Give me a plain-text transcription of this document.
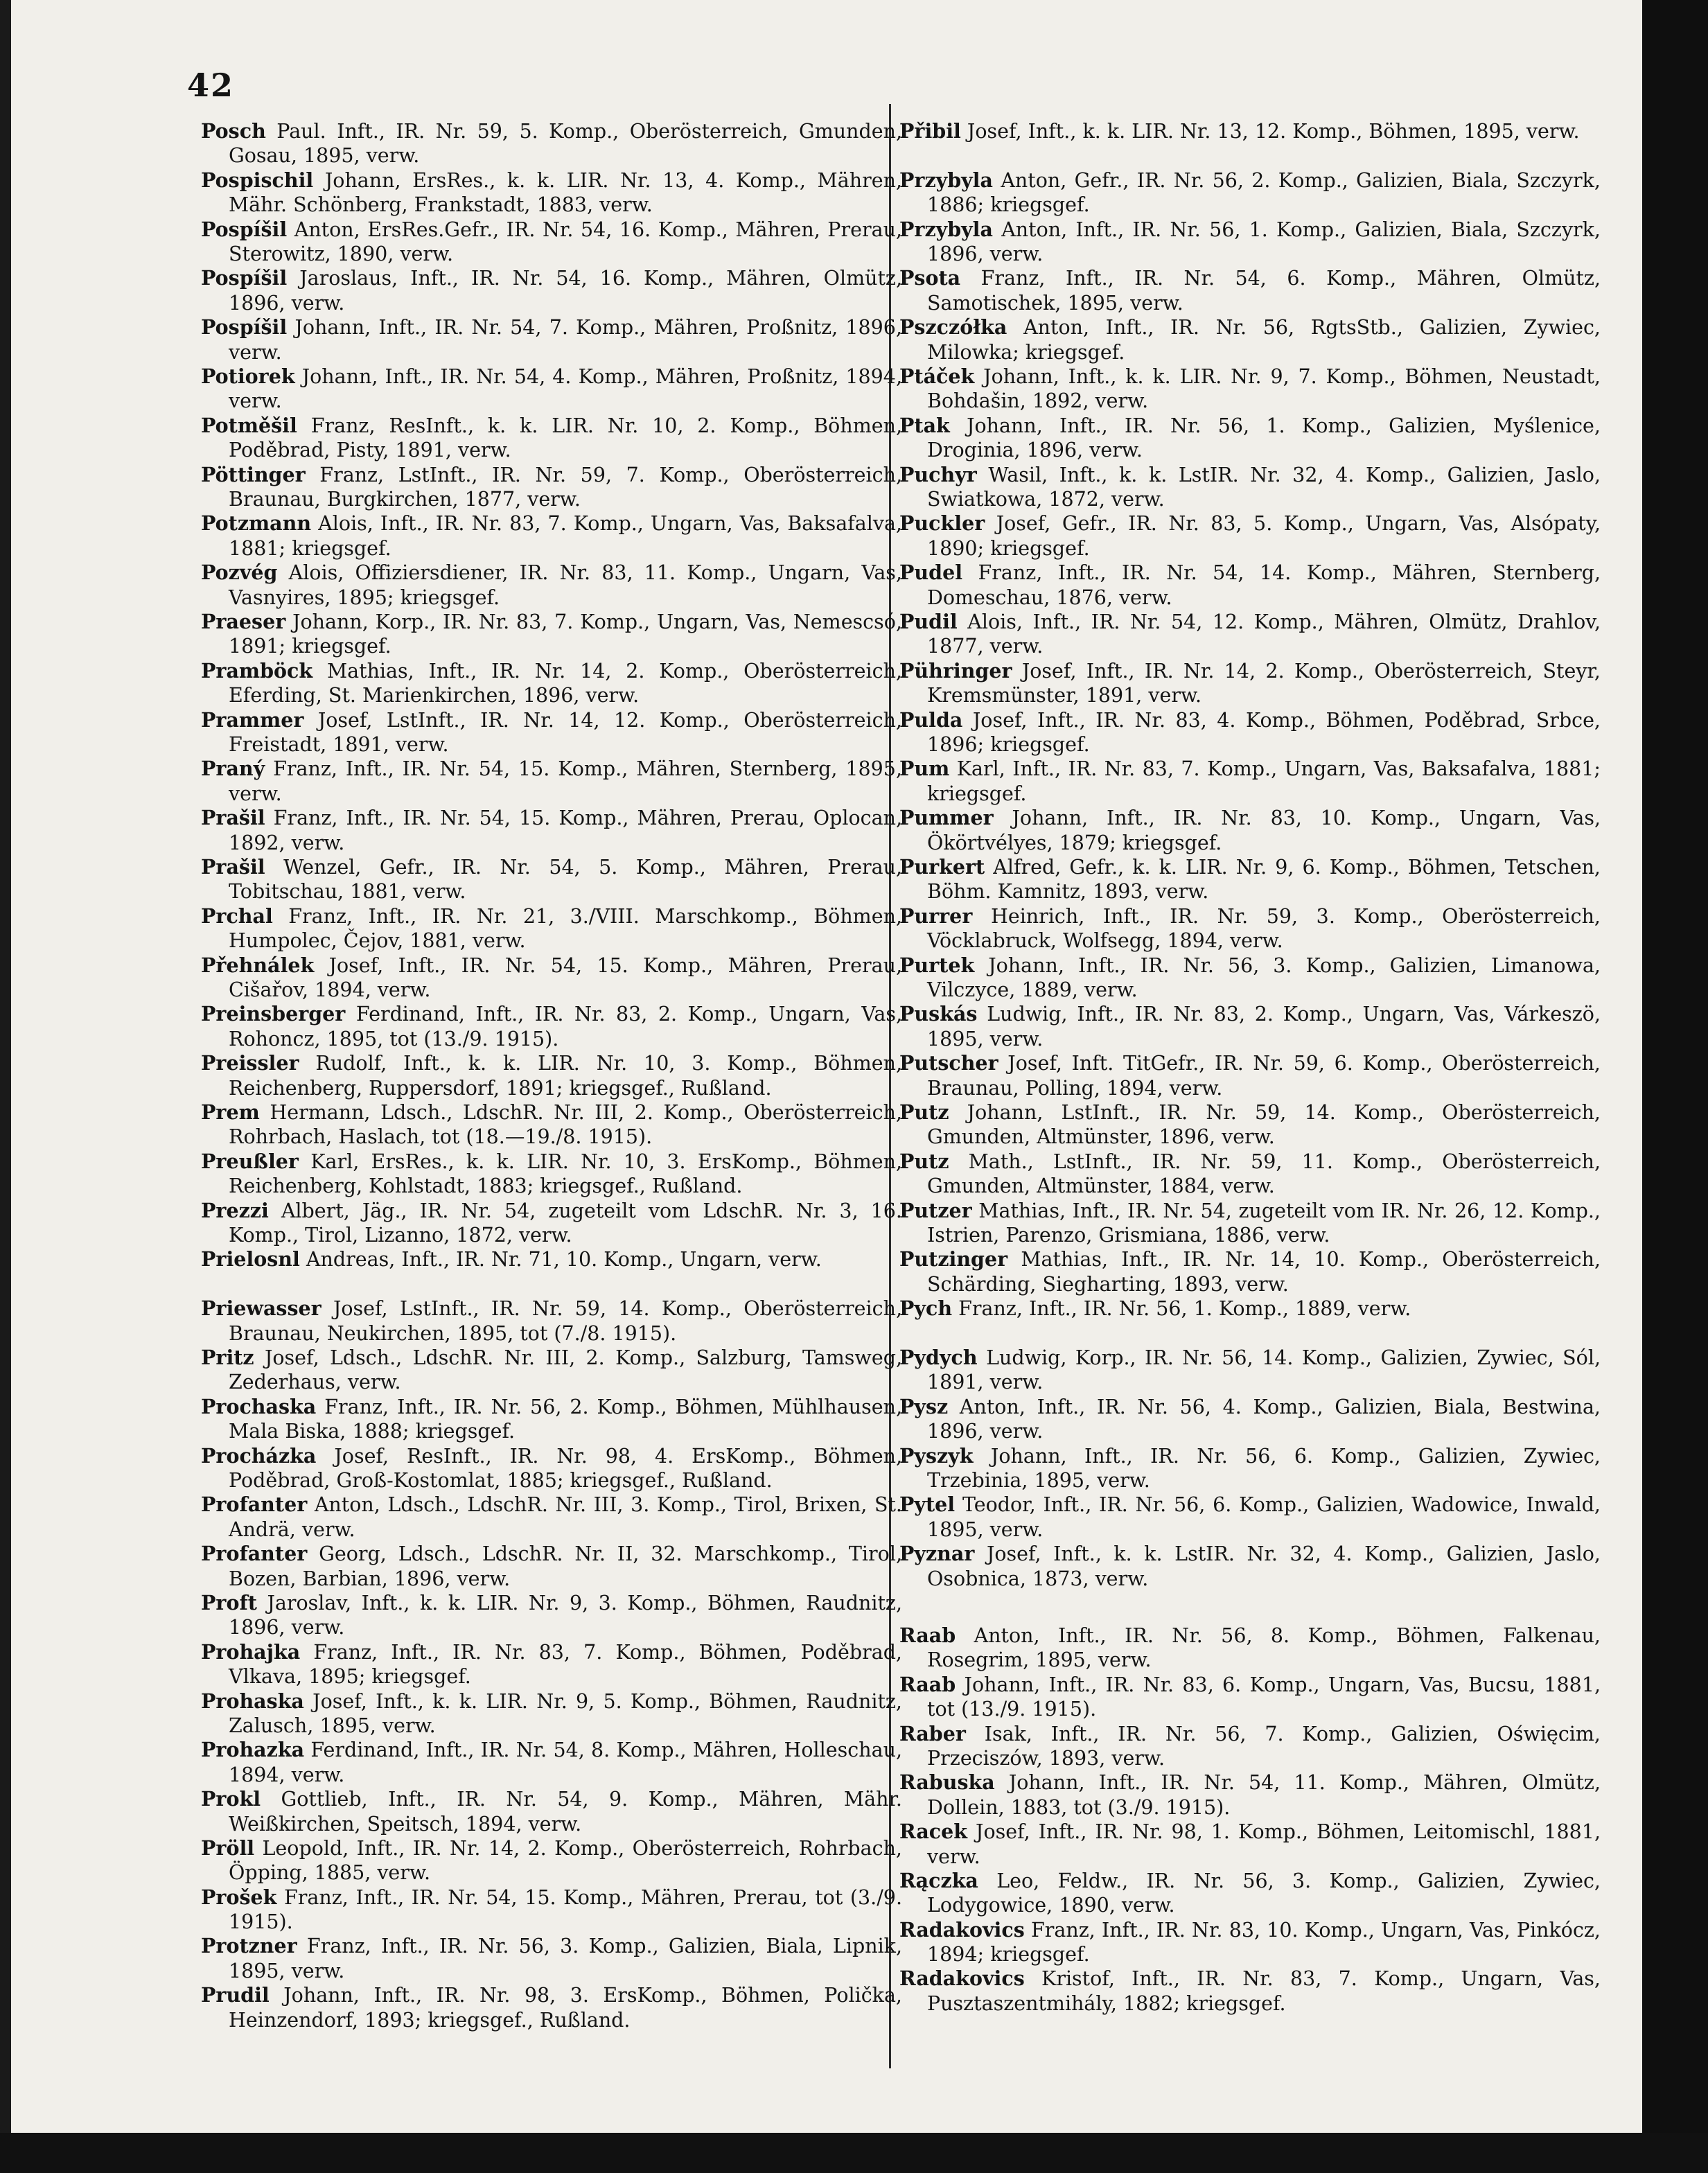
42
Posch Paul. Inft., IR. Nr. 59, 5. Komp., Oberösterreich, Gmunden, Gosau, 1895, verw.
Pospischil Johann, ErsRes., k. k. LIR. Nr. 13, 4. Komp., Mähren, Mähr. Schönberg, Frankstadt, 1883, verw.
Pospíšil Anton, ErsRes.Gefr., IR. Nr. 54, 16. Komp., Mähren, Prerau, Sterowitz, 1890, verw.
Pospíšil Jaroslaus, Inft., IR. Nr. 54, 16. Komp., Mähren, Olmütz, 1896, verw.
Pospíšil Johann, Inft., IR. Nr. 54, 7. Komp., Mähren, Proßnitz, 1896, verw.
Potiorek Johann, Inft., IR. Nr. 54, 4. Komp., Mähren, Proßnitz, 1894, verw.
Potměšil Franz, ResInft., k. k. LIR. Nr. 10, 2. Komp., Böhmen, Poděbrad, Pisty, 1891, verw.
Pöttinger Franz, LstInft., IR. Nr. 59, 7. Komp., Oberösterreich, Braunau, Burgkirchen, 1877, verw.
Potzmann Alois, Inft., IR. Nr. 83, 7. Komp., Ungarn, Vas, Baksafalva, 1881; kriegsgef.
Pozvég Alois, Offiziersdiener, IR. Nr. 83, 11. Komp., Ungarn, Vas, Vasnyires, 1895; kriegsgef.
Praeser Johann, Korp., IR. Nr. 83, 7. Komp., Ungarn, Vas, Nemescsó, 1891; kriegsgef.
Pramböck Mathias, Inft., IR. Nr. 14, 2. Komp., Oberösterreich, Eferding, St. Marienkirchen, 1896, verw.
Prammer Josef, LstInft., IR. Nr. 14, 12. Komp., Oberösterreich, Freistadt, 1891, verw.
Praný Franz, Inft., IR. Nr. 54, 15. Komp., Mähren, Sternberg, 1895, verw.
Prašil Franz, Inft., IR. Nr. 54, 15. Komp., Mähren, Prerau, Oplocan, 1892, verw.
Prašil Wenzel, Gefr., IR. Nr. 54, 5. Komp., Mähren, Prerau, Tobitschau, 1881, verw.
Prchal Franz, Inft., IR. Nr. 21, 3./VIII. Marschkomp., Böhmen, Humpolec, Čejov, 1881, verw.
Přehnálek Josef, Inft., IR. Nr. 54, 15. Komp., Mähren, Prerau, Cišařov, 1894, verw.
Preinsberger Ferdinand, Inft., IR. Nr. 83, 2. Komp., Ungarn, Vas, Rohoncz, 1895, tot (13./9. 1915).
Preissler Rudolf, Inft., k. k. LIR. Nr. 10, 3. Komp., Böhmen, Reichenberg, Ruppersdorf, 1891; kriegsgef., Rußland.
Prem Hermann, Ldsch., LdschR. Nr. III, 2. Komp., Oberösterreich, Rohrbach, Haslach, tot (18.—19./8. 1915).
Preußler Karl, ErsRes., k. k. LIR. Nr. 10, 3. ErsKomp., Böhmen, Reichenberg, Kohlstadt, 1883; kriegsgef., Rußland.
Prezzi Albert, Jäg., IR. Nr. 54, zugeteilt vom LdschR. Nr. 3, 16. Komp., Tirol, Lizanno, 1872, verw.
Prielosnl Andreas, Inft., IR. Nr. 71, 10. Komp., Ungarn, verw.
Priewasser Josef, LstInft., IR. Nr. 59, 14. Komp., Oberösterreich, Braunau, Neukirchen, 1895, tot (7./8. 1915).
Pritz Josef, Ldsch., LdschR. Nr. III, 2. Komp., Salzburg, Tamsweg, Zederhaus, verw.
Prochaska Franz, Inft., IR. Nr. 56, 2. Komp., Böhmen, Mühlhausen, Mala Biska, 1888; kriegsgef.
Procházka Josef, ResInft., IR. Nr. 98, 4. ErsKomp., Böhmen, Poděbrad, Groß-Kostomlat, 1885; kriegsgef., Rußland.
Profanter Anton, Ldsch., LdschR. Nr. III, 3. Komp., Tirol, Brixen, St. Andrä, verw.
Profanter Georg, Ldsch., LdschR. Nr. II, 32. Marschkomp., Tirol, Bozen, Barbian, 1896, verw.
Proft Jaroslav, Inft., k. k. LIR. Nr. 9, 3. Komp., Böhmen, Raudnitz, 1896, verw.
Prohajka Franz, Inft., IR. Nr. 83, 7. Komp., Böhmen, Poděbrad, Vlkava, 1895; kriegsgef.
Prohaska Josef, Inft., k. k. LIR. Nr. 9, 5. Komp., Böhmen, Raudnitz, Zalusch, 1895, verw.
Prohazka Ferdinand, Inft., IR. Nr. 54, 8. Komp., Mähren, Holleschau, 1894, verw.
Prokl Gottlieb, Inft., IR. Nr. 54, 9. Komp., Mähren, Mähr. Weißkirchen, Speitsch, 1894, verw.
Pröll Leopold, Inft., IR. Nr. 14, 2. Komp., Oberösterreich, Rohrbach, Öpping, 1885, verw.
Prošek Franz, Inft., IR. Nr. 54, 15. Komp., Mähren, Prerau, tot (3./9. 1915).
Protzner Franz, Inft., IR. Nr. 56, 3. Komp., Galizien, Biala, Lipnik, 1895, verw.
Prudil Johann, Inft., IR. Nr. 98, 3. ErsKomp., Böhmen, Polička, Heinzendorf, 1893; kriegsgef., Rußland.
Přibil Josef, Inft., k. k. LIR. Nr. 13, 12. Komp., Böhmen, 1895, verw.
Przybyla Anton, Gefr., IR. Nr. 56, 2. Komp., Galizien, Biala, Szczyrk, 1886; kriegsgef.
Przybyla Anton, Inft., IR. Nr. 56, 1. Komp., Galizien, Biala, Szczyrk, 1896, verw.
Psota Franz, Inft., IR. Nr. 54, 6. Komp., Mähren, Olmütz, Samotischek, 1895, verw.
Pszczółka Anton, Inft., IR. Nr. 56, RgtsStb., Galizien, Zywiec, Milowka; kriegsgef.
Ptáček Johann, Inft., k. k. LIR. Nr. 9, 7. Komp., Böhmen, Neustadt, Bohdašin, 1892, verw.
Ptak Johann, Inft., IR. Nr. 56, 1. Komp., Galizien, Myślenice, Droginia, 1896, verw.
Puchyr Wasil, Inft., k. k. LstIR. Nr. 32, 4. Komp., Galizien, Jaslo, Swiatkowa, 1872, verw.
Puckler Josef, Gefr., IR. Nr. 83, 5. Komp., Ungarn, Vas, Alsópaty, 1890; kriegsgef.
Pudel Franz, Inft., IR. Nr. 54, 14. Komp., Mähren, Sternberg, Domeschau, 1876, verw.
Pudil Alois, Inft., IR. Nr. 54, 12. Komp., Mähren, Olmütz, Drahlov, 1877, verw.
Pühringer Josef, Inft., IR. Nr. 14, 2. Komp., Oberösterreich, Steyr, Kremsmünster, 1891, verw.
Pulda Josef, Inft., IR. Nr. 83, 4. Komp., Böhmen, Poděbrad, Srbce, 1896; kriegsgef.
Pum Karl, Inft., IR. Nr. 83, 7. Komp., Ungarn, Vas, Baksafalva, 1881; kriegsgef.
Pummer Johann, Inft., IR. Nr. 83, 10. Komp., Ungarn, Vas, Ökörtvélyes, 1879; kriegsgef.
Purkert Alfred, Gefr., k. k. LIR. Nr. 9, 6. Komp., Böhmen, Tetschen, Böhm. Kamnitz, 1893, verw.
Purrer Heinrich, Inft., IR. Nr. 59, 3. Komp., Oberösterreich, Vöcklabruck, Wolfsegg, 1894, verw.
Purtek Johann, Inft., IR. Nr. 56, 3. Komp., Galizien, Limanowa, Vilczyce, 1889, verw.
Puskás Ludwig, Inft., IR. Nr. 83, 2. Komp., Ungarn, Vas, Várkeszö, 1895, verw.
Putscher Josef, Inft. TitGefr., IR. Nr. 59, 6. Komp., Oberösterreich, Braunau, Polling, 1894, verw.
Putz Johann, LstInft., IR. Nr. 59, 14. Komp., Oberösterreich, Gmunden, Altmünster, 1896, verw.
Putz Math., LstInft., IR. Nr. 59, 11. Komp., Oberösterreich, Gmunden, Altmünster, 1884, verw.
Putzer Mathias, Inft., IR. Nr. 54, zugeteilt vom IR. Nr. 26, 12. Komp., Istrien, Parenzo, Grismiana, 1886, verw.
Putzinger Mathias, Inft., IR. Nr. 14, 10. Komp., Oberösterreich, Schärding, Siegharting, 1893, verw.
Pych Franz, Inft., IR. Nr. 56, 1. Komp., 1889, verw.
Pydych Ludwig, Korp., IR. Nr. 56, 14. Komp., Galizien, Zywiec, Sól, 1891, verw.
Pysz Anton, Inft., IR. Nr. 56, 4. Komp., Galizien, Biala, Bestwina, 1896, verw.
Pyszyk Johann, Inft., IR. Nr. 56, 6. Komp., Galizien, Zywiec, Trzebinia, 1895, verw.
Pytel Teodor, Inft., IR. Nr. 56, 6. Komp., Galizien, Wadowice, Inwald, 1895, verw.
Pyznar Josef, Inft., k. k. LstIR. Nr. 32, 4. Komp., Galizien, Jaslo, Osobnica, 1873, verw.
Raab Anton, Inft., IR. Nr. 56, 8. Komp., Böhmen, Falkenau, Rosegrim, 1895, verw.
Raab Johann, Inft., IR. Nr. 83, 6. Komp., Ungarn, Vas, Bucsu, 1881, tot (13./9. 1915).
Raber Isak, Inft., IR. Nr. 56, 7. Komp., Galizien, Oświęcim, Przeciszów, 1893, verw.
Rabuska Johann, Inft., IR. Nr. 54, 11. Komp., Mähren, Olmütz, Dollein, 1883, tot (3./9. 1915).
Racek Josef, Inft., IR. Nr. 98, 1. Komp., Böhmen, Leitomischl, 1881, verw.
Rączka Leo, Feldw., IR. Nr. 56, 3. Komp., Galizien, Zywiec, Lodygowice, 1890, verw.
Radakovics Franz, Inft., IR. Nr. 83, 10. Komp., Ungarn, Vas, Pinkócz, 1894; kriegsgef.
Radakovics Kristof, Inft., IR. Nr. 83, 7. Komp., Ungarn, Vas, Pusztaszentmihály, 1882; kriegsgef.
